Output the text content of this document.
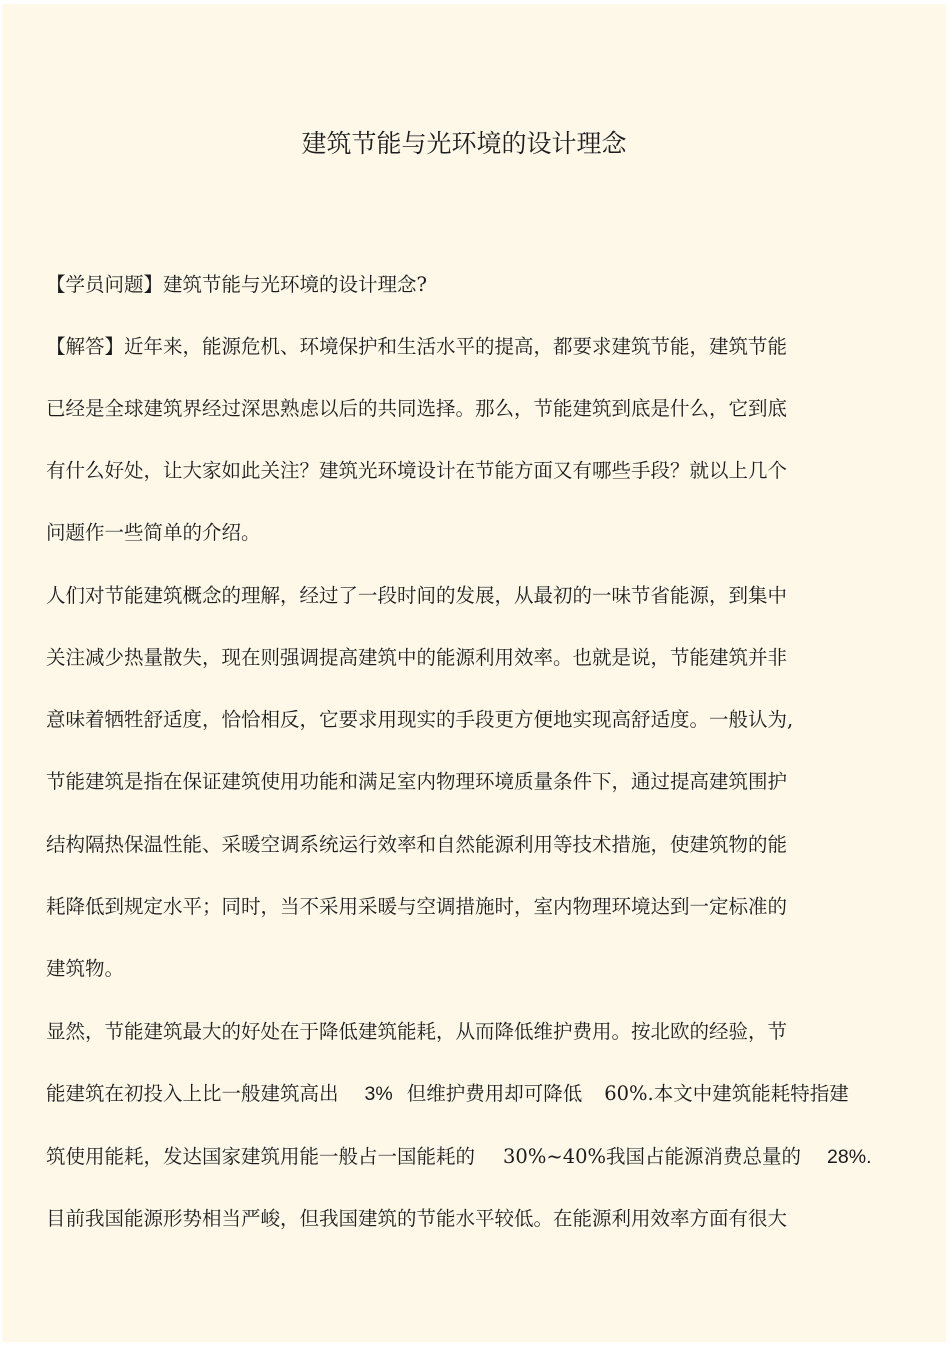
建筑节能与光环境的设计理念
【学员问题】建筑节能与光环境的设计理念?
【解答】近年来，能源危机、环境保护和生活水平的提高，都要求建筑节能，建筑节能
已经是全球建筑界经过深思熟虑以后的共同选择。那么，节能建筑到底是什么，它到底
有什么好处，让大家如此关注？建筑光环境设计在节能方面又有哪些手段？就以上几个
问题作一些简单的介绍。
人们对节能建筑概念的理解，经过了一段时间的发展，从最初的一味节省能源，到集中
关注减少热量散失，现在则强调提高建筑中的能源利用效率。也就是说，节能建筑并非
意味着牺牲舒适度，恰恰相反，它要求用现实的手段更方便地实现高舒适度。一般认为,
节能建筑是指在保证建筑使用功能和满足室内物理环境质量条件下，通过提高建筑围护
结构隔热保温性能、采暖空调系统运行效率和自然能源利用等技术措施，使建筑物的能
耗降低到规定水平；同时，当不采用采暖与空调措施时，室内物理环境达到一定标准的
建筑物。
显然，节能建筑最大的好处在于降低建筑能耗，从而降低维护费用。按北欧的经验，节
能建筑在初投入上比一般建筑高出 3% 但维护费用却可降低 60%.本文中建筑能耗特指建
筑使用能耗，发达国家建筑用能一般占一国能耗的 30%~40%我国占能源消费总量的 28%.
目前我国能源形势相当严峻，但我国建筑的节能水平较低。在能源利用效率方面有很大
